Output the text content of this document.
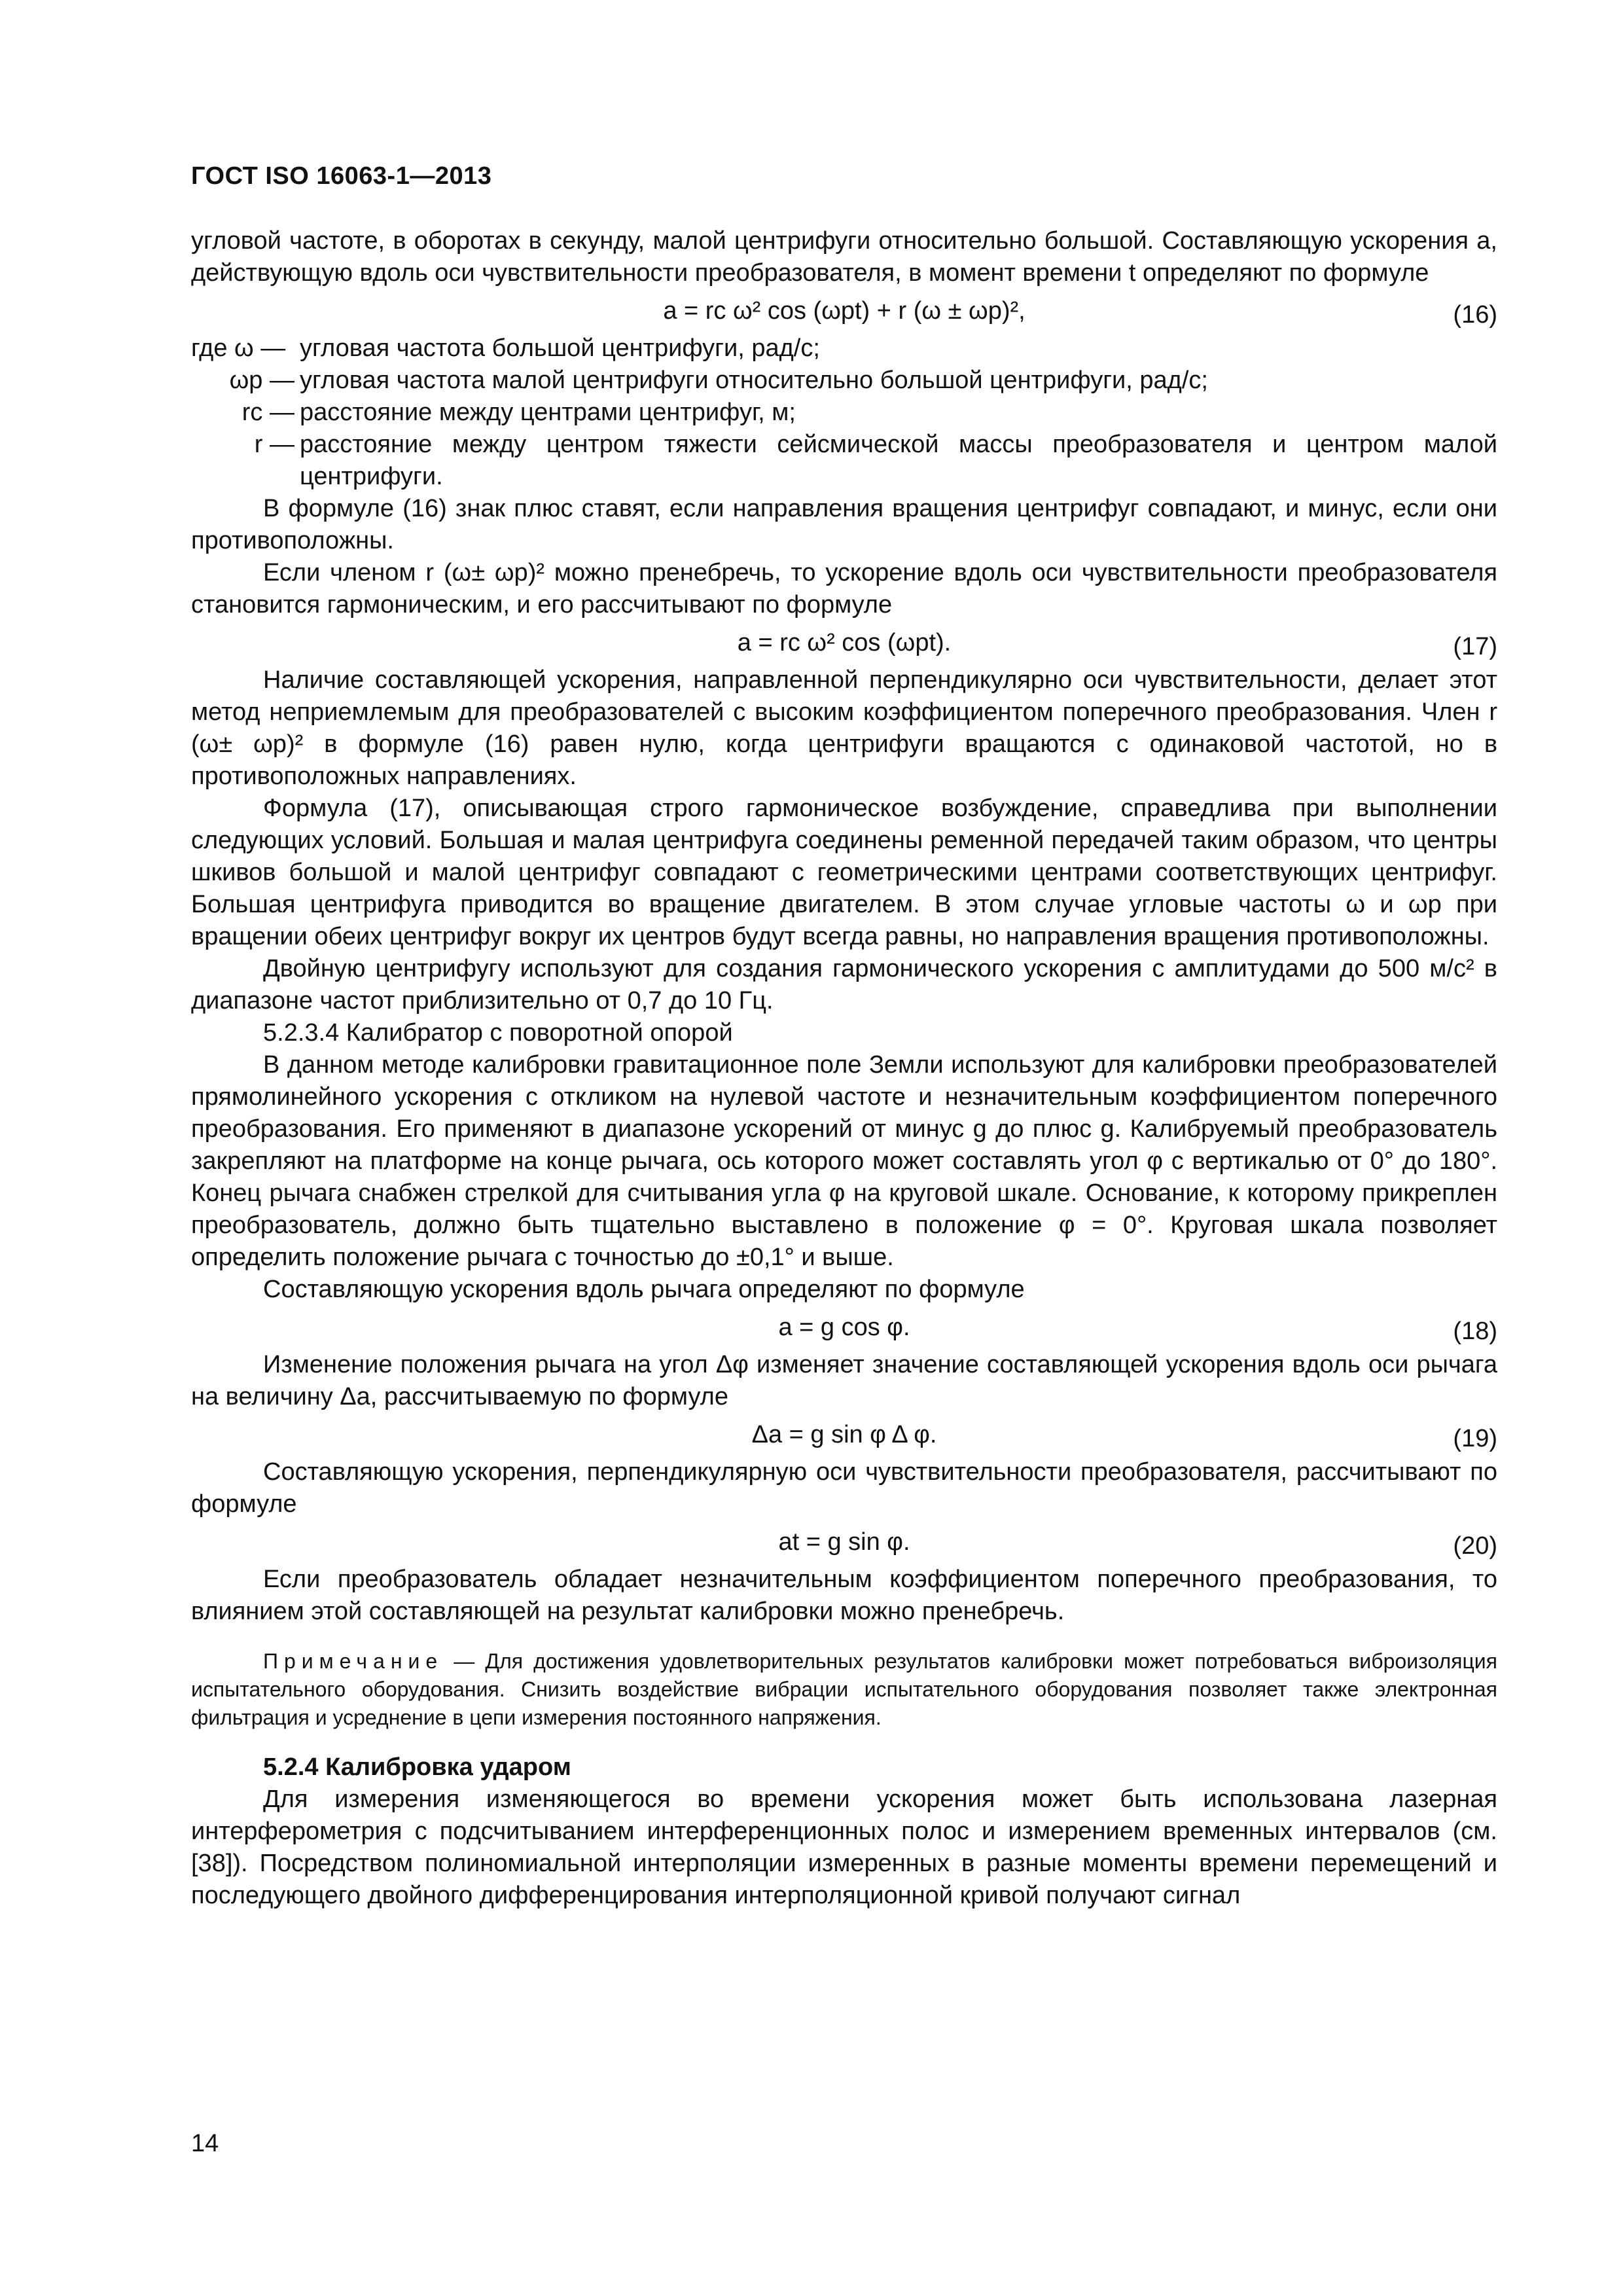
ГОСТ ISO 16063-1—2013

угловой частоте, в оборотах в секунду, малой центрифуги относительно большой. Составляющую ускорения a, действующую вдоль оси чувствительности преобразователя, в момент времени t определяют по формуле

a = rc ω² cos (ωpt) + r (ω ± ωp)²,	(16)
где ω — угловая частота большой центрифуги, рад/с;
ωp — угловая частота малой центрифуги относительно большой центрифуги, рад/с;
rc — расстояние между центрами центрифуг, м;
r — расстояние между центром тяжести сейсмической массы преобразователя и центром малой центрифуги.

В формуле (16) знак плюс ставят, если направления вращения центрифуг совпадают, и минус, если они противоположны.

Если членом r (ω± ωp)² можно пренебречь, то ускорение вдоль оси чувствительности преобразователя становится гармоническим, и его рассчитывают по формуле

a = rc ω² cos (ωpt).	(17)

Наличие составляющей ускорения, направленной перпендикулярно оси чувствительности, делает этот метод неприемлемым для преобразователей с высоким коэффициентом поперечного преобразования. Член r (ω± ωp)² в формуле (16) равен нулю, когда центрифуги вращаются с одинаковой частотой, но в противоположных направлениях.

Формула (17), описывающая строго гармоническое возбуждение, справедлива при выполнении следующих условий. Большая и малая центрифуга соединены ременной передачей таким образом, что центры шкивов большой и малой центрифуг совпадают с геометрическими центрами соответствующих центрифуг. Большая центрифуга приводится во вращение двигателем. В этом случае угловые частоты ω и ωp при вращении обеих центрифуг вокруг их центров будут всегда равны, но направления вращения противоположны.

Двойную центрифугу используют для создания гармонического ускорения с амплитудами до 500 м/с² в диапазоне частот приблизительно от 0,7 до 10 Гц.

5.2.3.4 Калибратор с поворотной опорой

В данном методе калибровки гравитационное поле Земли используют для калибровки преобразователей прямолинейного ускорения с откликом на нулевой частоте и незначительным коэффициентом поперечного преобразования. Его применяют в диапазоне ускорений от минус g до плюс g. Калибруемый преобразователь закрепляют на платформе на конце рычага, ось которого может составлять угол φ с вертикалью от 0° до 180°. Конец рычага снабжен стрелкой для считывания угла φ на круговой шкале. Основание, к которому прикреплен преобразователь, должно быть тщательно выставлено в положение φ = 0°. Круговая шкала позволяет определить положение рычага с точностью до ±0,1° и выше.

Составляющую ускорения вдоль рычага определяют по формуле

a = g cos φ.	(18)

Изменение положения рычага на угол Δφ изменяет значение составляющей ускорения вдоль оси рычага на величину Δa, рассчитываемую по формуле

Δa = g sin φ Δ φ.	(19)

Составляющую ускорения, перпендикулярную оси чувствительности преобразователя, рассчитывают по формуле

at = g sin φ.	(20)

Если преобразователь обладает незначительным коэффициентом поперечного преобразования, то влиянием этой составляющей на результат калибровки можно пренебречь.

Примечание — Для достижения удовлетворительных результатов калибровки может потребоваться виброизоляция испытательного оборудования. Снизить воздействие вибрации испытательного оборудования позволяет также электронная фильтрация и усреднение в цепи измерения постоянного напряжения.

5.2.4 Калибровка ударом

Для измерения изменяющегося во времени ускорения может быть использована лазерная интерферометрия с подсчитыванием интерференционных полос и измерением временных интервалов (см. [38]). Посредством полиномиальной интерполяции измеренных в разные моменты времени перемещений и последующего двойного дифференцирования интерполяционной кривой получают сигнал

14
